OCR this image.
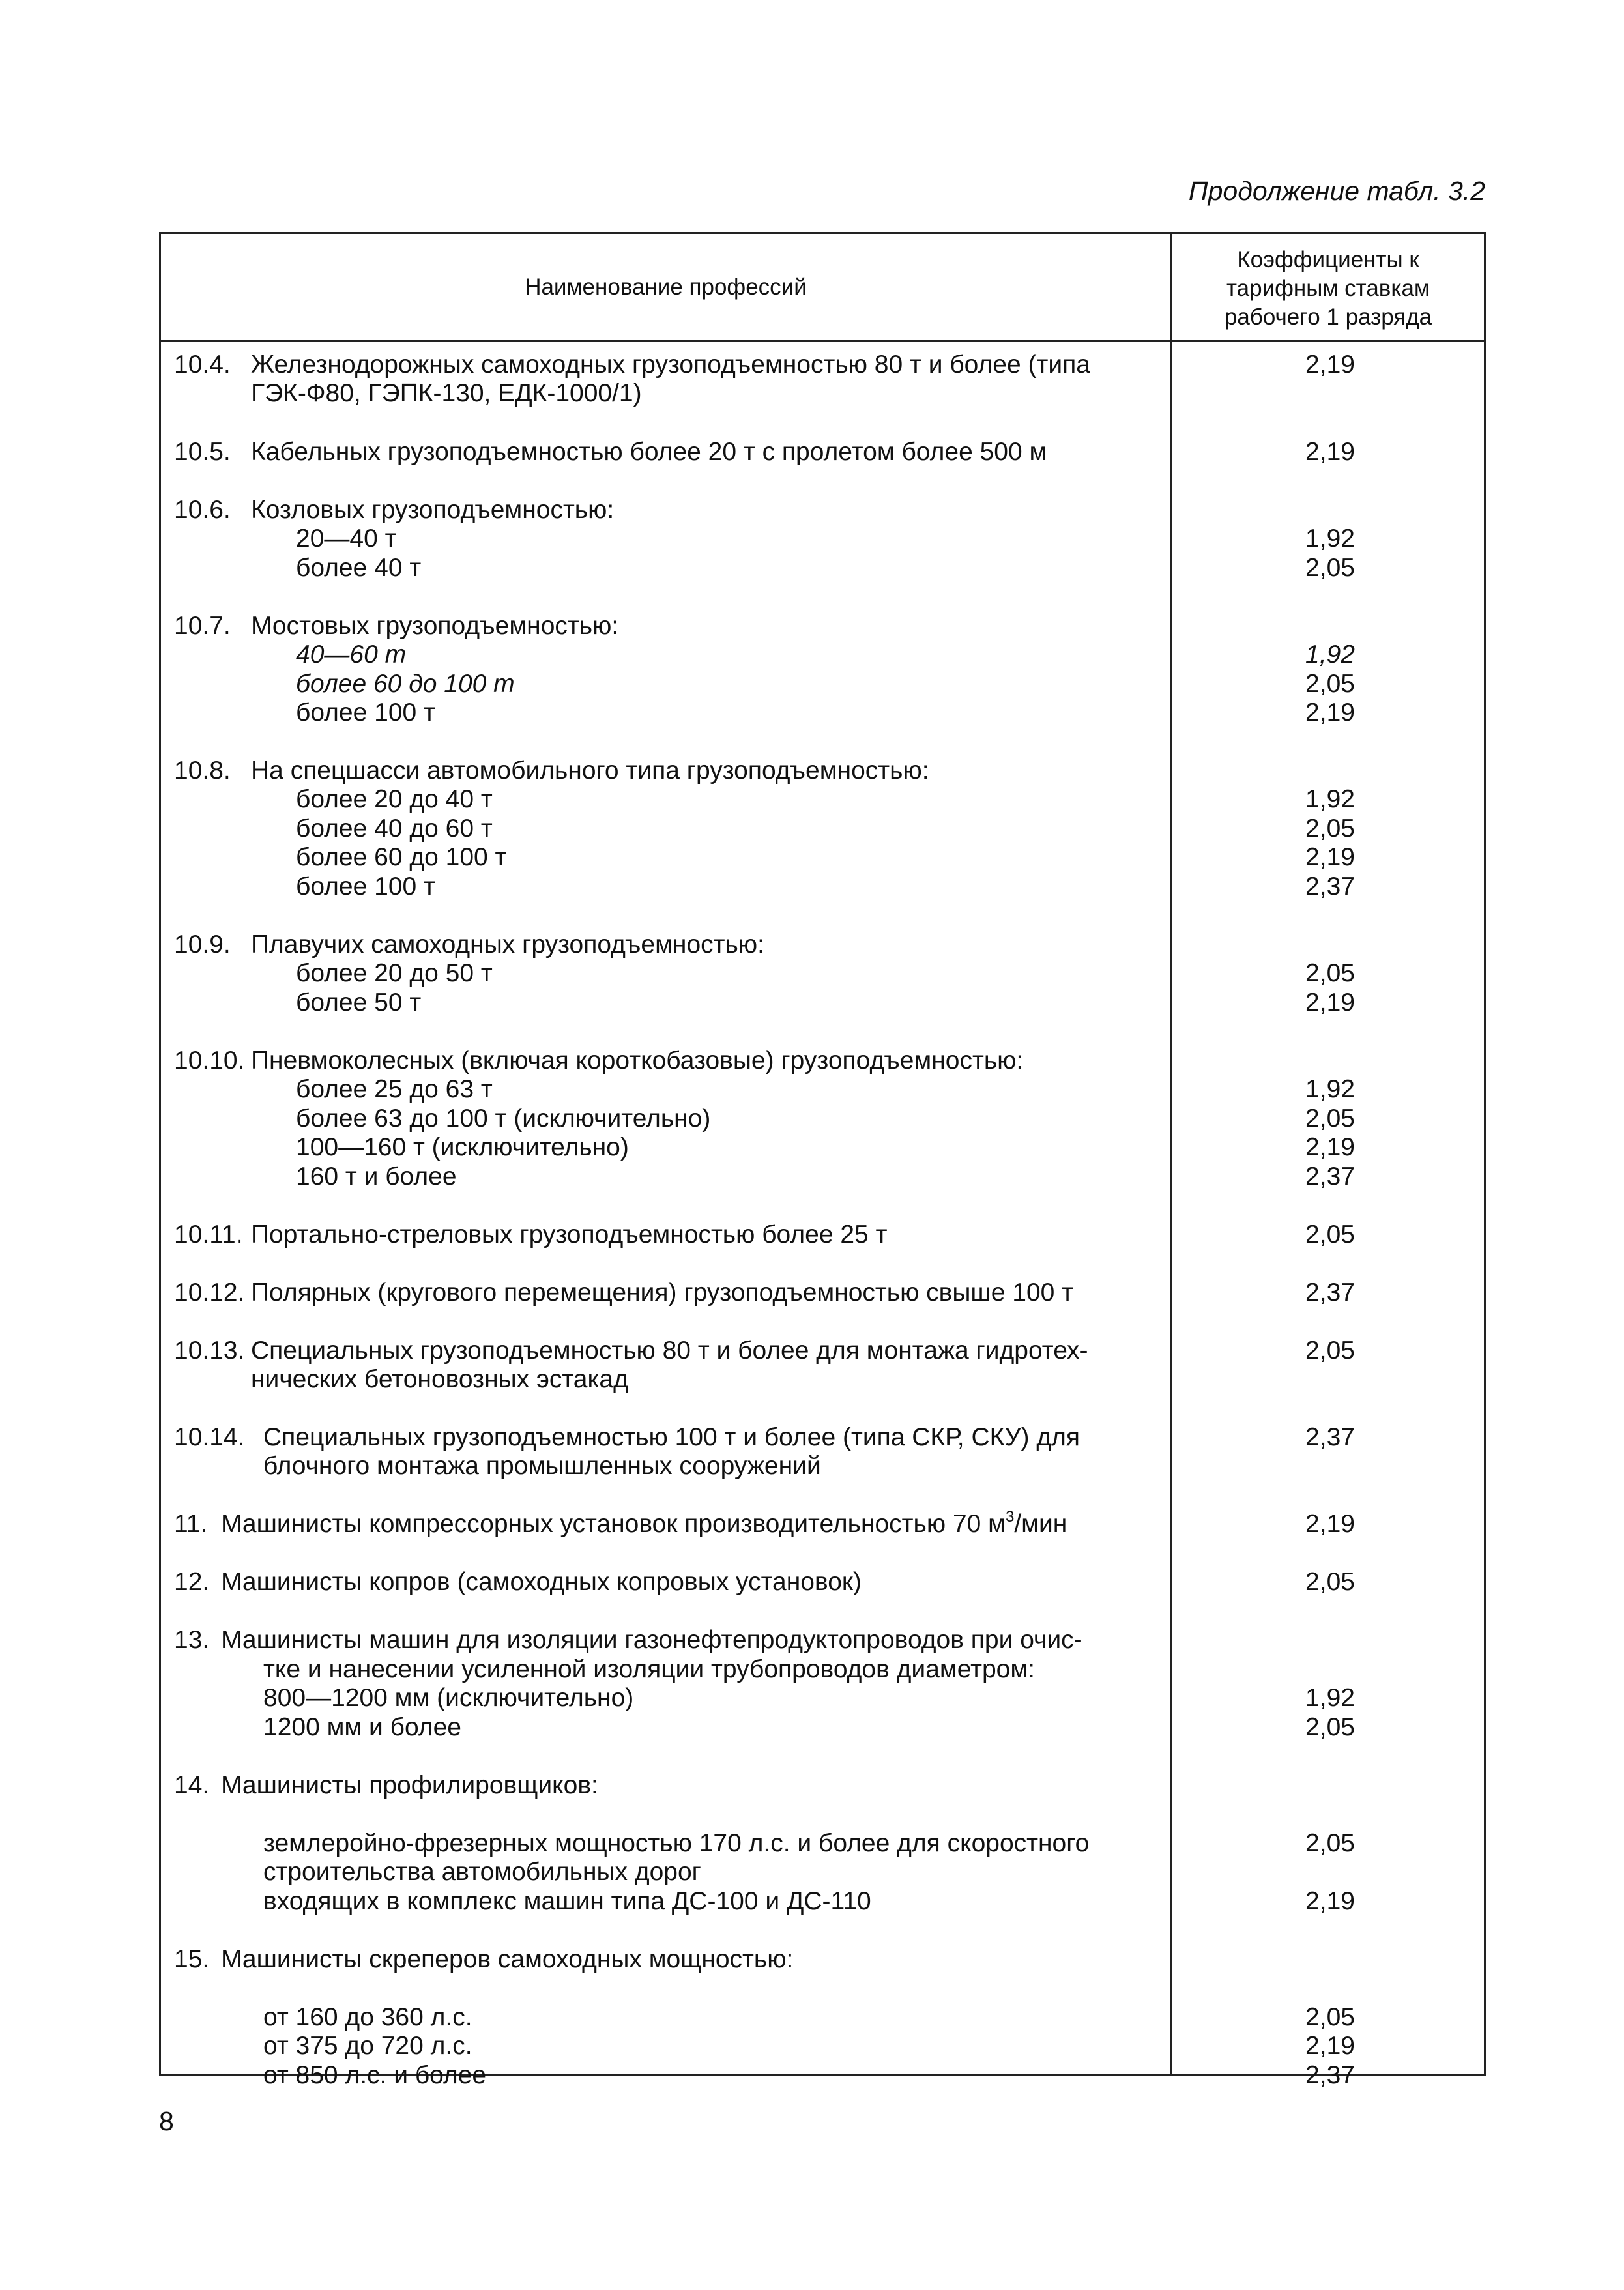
Продолжение табл. 3.2
Наименование профессий
Коэффициенты к
тарифным ставкам
рабочего 1 разряда
10.4. Железнодорожных самоходных грузоподъемностью 80 т и более (типа	2,19
ГЭК-Ф80, ГЭПК-130, ЕДК-1000/1)
10.5. Кабельных грузоподъемностью более 20 т с пролетом более 500 м	2,19
10.6. Козловых грузоподъемностью:
20—40 т	1,92
более 40 т	2,05
10.7. Мостовых грузоподъемностью:
40—60 т	1,92
более 60 до 100 т	2,05
более 100 т	2,19
10.8. На спецшасси автомобильного типа грузоподъемностью:
более 20 до 40 т	1,92
более 40 до 60 т	2,05
более 60 до 100 т	2,19
более 100 т	2,37
10.9. Плавучих самоходных грузоподъемностью:
более 20 до 50 т	2,05
более 50 т	2,19
10.10. Пневмоколесных (включая короткобазовые) грузоподъемностью:
более 25 до 63 т	1,92
более 63 до 100 т (исключительно)	2,05
100—160 т (исключительно)	2,19
160 т и более	2,37
10.11. Портально-стреловых грузоподъемностью более 25 т	2,05
10.12. Полярных (кругового перемещения) грузоподъемностью свыше 100 т	2,37
10.13. Специальных грузоподъемностью 80 т и более для монтажа гидротех-	2,05
нических бетоновозных эстакад
10.14. Специальных грузоподъемностью 100 т и более (типа СКР, СКУ) для	2,37
блочного монтажа промышленных сооружений
11. Машинисты компрессорных установок производительностью 70 $м^3$/мин	2,19
12. Машинисты копров (самоходных копровых установок)	2,05
13. Машинисты машин для изоляции газонефтепродуктопроводов при очис-
тке и нанесении усиленной изоляции трубопроводов диаметром:
800—1200 мм (исключительно)	1,92
1200 мм и более	2,05
14. Машинисты профилировщиков:
землеройно-фрезерных мощностью 170 л.с. и более для скоростного	2,05
строительства автомобильных дорог
входящих в комплекс машин типа ДС-100 и ДС-110	2,19
15. Машинисты скреперов самоходных мощностью:
от 160 до 360 л.с.	2,05
от 375 до 720 л.с.	2,19
от 850 л.с. и более	2,37
8
